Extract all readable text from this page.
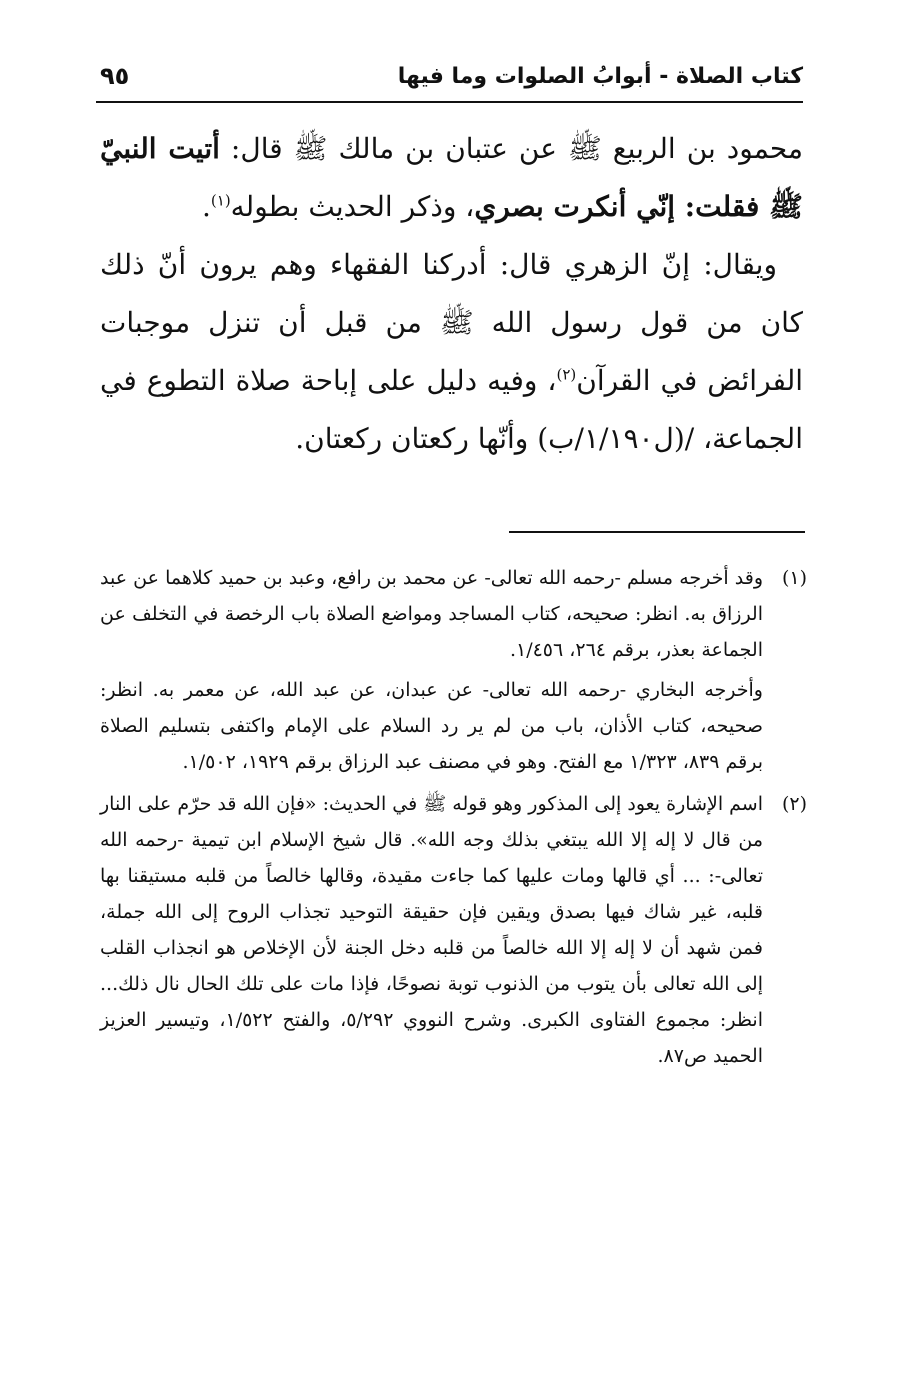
كتاب الصلاة - أبوابُ الصلوات وما فيها
٩٥

محمود بن الربيع ﷺ عن عتبان بن مالك ﷺ قال: أتيت النبيّ ﷺ فقلت: إنّي أنكرت بصري، وذكر الحديث بطوله$^{(١)}$.

ويقال: إنّ الزهري قال: أدركنا الفقهاء وهم يرون أنّ ذلك كان من قول رسول الله ﷺ من قبل أن تنزل موجبات الفرائض في القرآن$^{(٢)}$، وفيه دليل على إباحة صلاة التطوع في الجماعة، /(ل١/١٩٠/ب) وأنّها ركعتان ركعتان.

(١)

وقد أخرجه مسلم -رحمه الله تعالى- عن محمد بن رافع، وعبد بن حميد كلاهما عن عبد الرزاق به. انظر: صحيحه، كتاب المساجد ومواضع الصلاة باب الرخصة في التخلف عن الجماعة بعذر، برقم ٢٦٤، ١/٤٥٦.

وأخرجه البخاري -رحمه الله تعالى- عن عبدان، عن عبد الله، عن معمر به. انظر: صحيحه، كتاب الأذان، باب من لم ير رد السلام على الإمام واكتفى بتسليم الصلاة برقم ٨٣٩، ١/٣٢٣ مع الفتح. وهو في مصنف عبد الرزاق برقم ١٩٢٩، ١/٥٠٢.

(٢)

اسم الإشارة يعود إلى المذكور وهو قوله ﷺ في الحديث: «فإن الله قد حرّم على النار من قال لا إله إلا الله يبتغي بذلك وجه الله». قال شيخ الإسلام ابن تيمية -رحمه الله تعالى-: ... أي قالها ومات عليها كما جاءت مقيدة، وقالها خالصاً من قلبه مستيقنا بها قلبه، غير شاك فيها بصدق ويقين فإن حقيقة التوحيد تجذاب الروح إلى الله جملة، فمن شهد أن لا إله إلا الله خالصاً من قلبه دخل الجنة لأن الإخلاص هو انجذاب القلب إلى الله تعالى بأن يتوب من الذنوب توبة نصوحًا، فإذا مات على تلك الحال نال ذلك... انظر: مجموع الفتاوى الكبرى. وشرح النووي ٥/٢٩٢، والفتح ١/٥٢٢، وتيسير العزيز الحميد ص٨٧.
